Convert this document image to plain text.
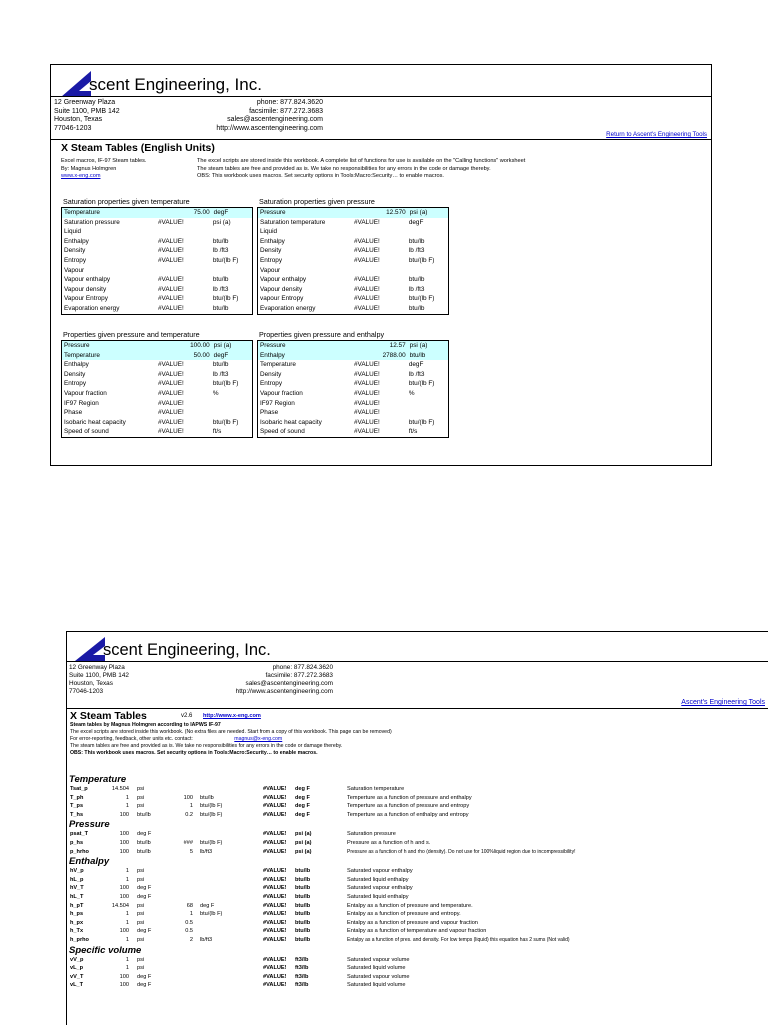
scent Engineering, Inc.
12 Greenway Plaza
Suite 1100, PMB 142
Houston, Texas
77046-1203
phone: 877.824.3620
facsimile: 877.272.3683
sales@ascentengineering.com
http://www.ascentengineering.com
Return to Ascent's Engineering Tools
X Steam Tables (English Units)
Excel macros, IF-97 Steam tables.
By: Magnus Holmgren
www.x-eng.com
The excel scripts are stored inside this workbook. A complete list of functions for use is available on the "Calling functions" worksheet
The steam tables are free and provided as is. We take no responsibilities for any errors in the code or damage thereby.
OBS: This workbook uses macros. Set security options in Tools:Macro:Security… to enable macros.
Saturation properties given temperature
Temperature	75.00 degF
Saturation pressure	#VALUE!	psi (a)
Liquid
Enthalpy	#VALUE!	btu/lb
Density	#VALUE!	lb /ft3
Entropy	#VALUE!	btu/(lb F)
Vapour
Vapour enthalpy	#VALUE!	btu/lb
Vapour density	#VALUE!	lb /ft3
Vapour Entropy	#VALUE!	btu/(lb F)
Evaporation energy	#VALUE!	btu/lb
Saturation properties given pressure
Pressure	12.570 psi (a)
Saturation temperature	#VALUE!	degF
Liquid
Enthalpy	#VALUE!	btu/lb
Density	#VALUE!	lb /ft3
Entropy	#VALUE!	btu/(lb F)
Vapour
Vapour enthalpy	#VALUE!	btu/lb
Vapour density	#VALUE!	lb /ft3
vapour Entropy	#VALUE!	btu/(lb F)
Evaporation energy	#VALUE!	btu/lb
Properties given pressure and temperature
Pressure	100.00 psi (a)
Temperature	50.00 degF
Enthalpy	#VALUE!	btu/lb
Density	#VALUE!	lb /ft3
Entropy	#VALUE!	btu/(lb F)
Vapour fraction	#VALUE!	%
IF97 Region	#VALUE!
Phase	#VALUE!
Isobaric heat capacity	#VALUE!	btu/(lb F)
Speed of sound	#VALUE!	ft/s
Properties given pressure and enthalpy
Pressure	12.57 psi (a)
Enthalpy	2788.00 btu/lb
Temperature	#VALUE!	degF
Density	#VALUE!	lb /ft3
Entropy	#VALUE!	btu/(lb F)
Vapour fraction	#VALUE!	%
IF97 Region	#VALUE!
Phase	#VALUE!
Isobaric heat capacity	#VALUE!	btu/(lb F)
Speed of sound	#VALUE!	ft/s
scent Engineering, Inc.
12 Greenway Plaza
Suite 1100, PMB 142
Houston, Texas
77046-1203
phone: 877.824.3620
facsimile: 877.272.3683
sales@ascentengineering.com
http://www.ascentengineering.com
Ascent's Engineering Tools
X Steam Tables	v2.6 http://www.x-eng.com
Steam tables by Magnus Holmgren according to IAPWS IF-97
The excel scripts are stored inside this workbook. (No extra files are needed. Start from a copy of this workbook. This page can be removed)
For error-reporting, feedback, other units etc. contact:	magnus@x-eng.com
The steam tables are free and provided as is. We take no responsibilities for any errors in the code or damage thereby.
OBS: This workbook uses macros. Set security options in Tools:Macro:Security… to enable macros.
Temperature
Tsat_p	14.504 psi	#VALUE! deg F	Saturation temperature
T_ph	1 psi	100 btu/lb	#VALUE! deg F	Temperture as a function of pressure and enthalpy
T_ps	1 psi	1 btu/(lb F)	#VALUE! deg F	Temperture as a function of pressure and entropy
T_hs	100 btu/lb	0.2 btu/(lb F)	#VALUE! deg F	Temperture as a function of enthalpy and entropy
Pressure
psat_T	100 deg F	#VALUE! psi (a)	Saturation pressure
p_hs	100 btu/lb	### btu/(lb F)	#VALUE! psi (a)	Pressure as a function of h and s.
p_hrho	100 btu/lb	5 lb/ft3	#VALUE! psi (a)	Pressure as a function of h and rho (density). Do not use for 100%liquid region due to incompressibility!
Enthalpy
hV_p	1 psi	#VALUE! btu/lb	Saturated vapour enthalpy
hL_p	1 psi	#VALUE! btu/lb	Saturated liquid enthalpy
hV_T	100 deg F	#VALUE! btu/lb	Saturated vapour enthalpy
hL_T	100 deg F	#VALUE! btu/lb	Saturated liquid enthalpy
h_pT	14.504 psi	68 deg F	#VALUE! btu/lb	Entalpy as a function of pressure and temperature.
h_ps	1 psi	1 btu/(lb F)	#VALUE! btu/lb	Entalpy as a function of pressure and entropy.
h_px	1 psi	0.5	#VALUE! btu/lb	Entalpy as a function of pressure and vapour fraction
h_Tx	100 deg F	0.5	#VALUE! btu/lb	Entalpy as a function of temperature and vapour fraction
h_prho	1 psi	2 lb/ft3	#VALUE! btu/lb	Entalpy as a function of pres. and density. For low temps (liquid) this equation has 2 sums (Not valid)
Specific volume
vV_p	1 psi	#VALUE! ft3/lb	Saturated vapour volume
vL_p	1 psi	#VALUE! ft3/lb	Saturated liquid volume
vV_T	100 deg F	#VALUE! ft3/lb	Saturated vapour volume
vL_T	100 deg F	#VALUE! ft3/lb	Saturated liquid volume
